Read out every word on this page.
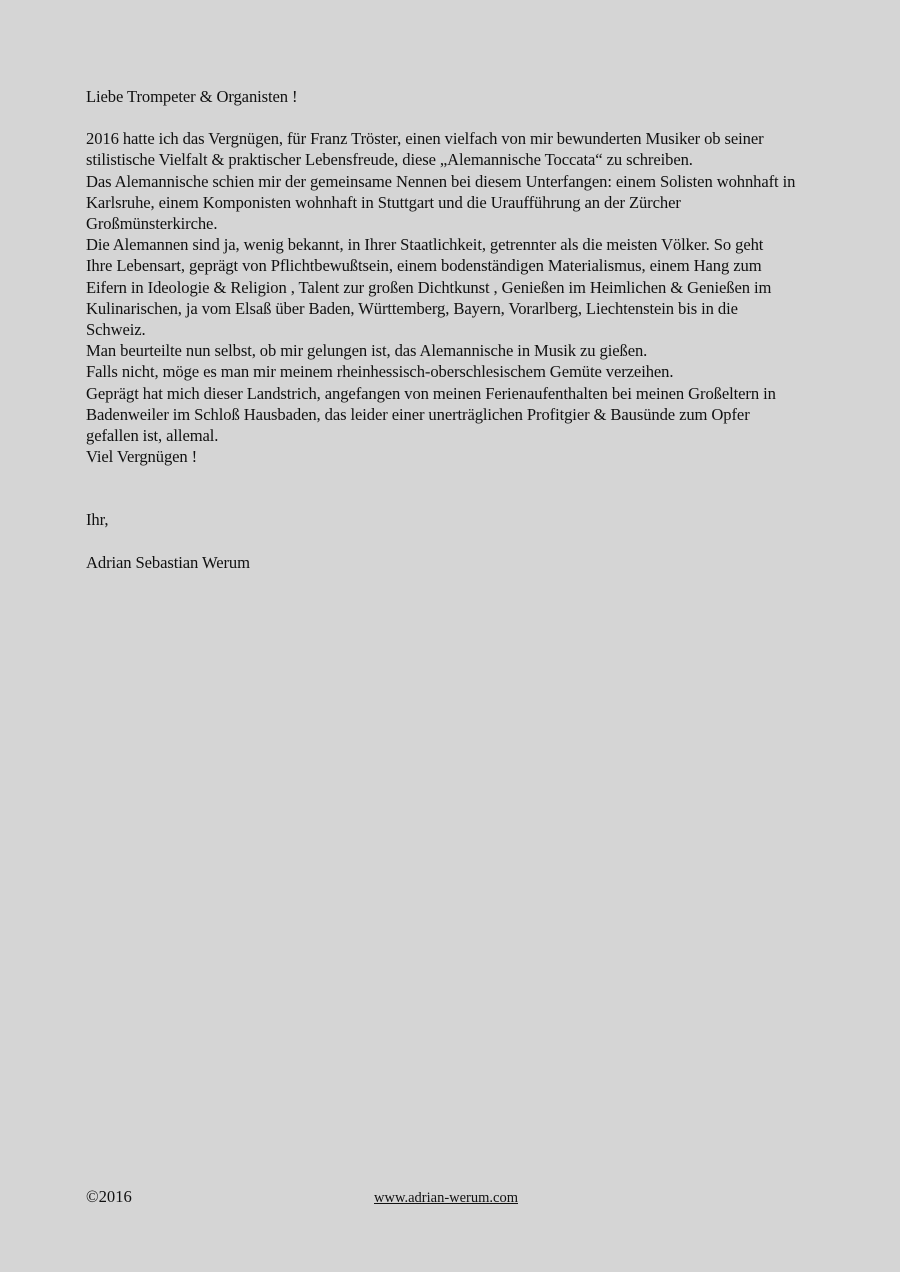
Liebe Trompeter & Organisten !
2016 hatte ich das Vergnügen, für Franz Tröster, einen vielfach von mir bewunderten Musiker ob seiner
stilistische Vielfalt & praktischer Lebensfreude, diese „Alemannische Toccata“ zu schreiben.
Das Alemannische schien mir der gemeinsame Nennen bei diesem Unterfangen: einem Solisten wohnhaft in
Karlsruhe, einem Komponisten wohnhaft in Stuttgart und die Uraufführung an der Zürcher
Großmünsterkirche.
Die Alemannen sind ja, wenig bekannt, in Ihrer Staatlichkeit, getrennter als die meisten Völker. So geht
Ihre Lebensart, geprägt von Pflichtbewußtsein, einem bodenständigen Materialismus, einem Hang zum
Eifern in Ideologie & Religion , Talent zur großen Dichtkunst , Genießen im Heimlichen & Genießen im
Kulinarischen, ja vom Elsaß über Baden, Württemberg, Bayern, Vorarlberg, Liechtenstein bis in die
Schweiz.
Man beurteilte nun selbst, ob mir gelungen ist, das Alemannische in Musik zu gießen.
Falls nicht, möge es man mir meinem rheinhessisch-oberschlesischem Gemüte verzeihen.
Geprägt hat mich dieser Landstrich, angefangen von meinen Ferienaufenthalten bei meinen Großeltern in
Badenweiler im Schloß Hausbaden, das leider einer unerträglichen Profitgier & Bausünde zum Opfer
gefallen ist, allemal.
Viel Vergnügen !
Ihr,
Adrian Sebastian Werum
©2016	www.adrian-werum.com
